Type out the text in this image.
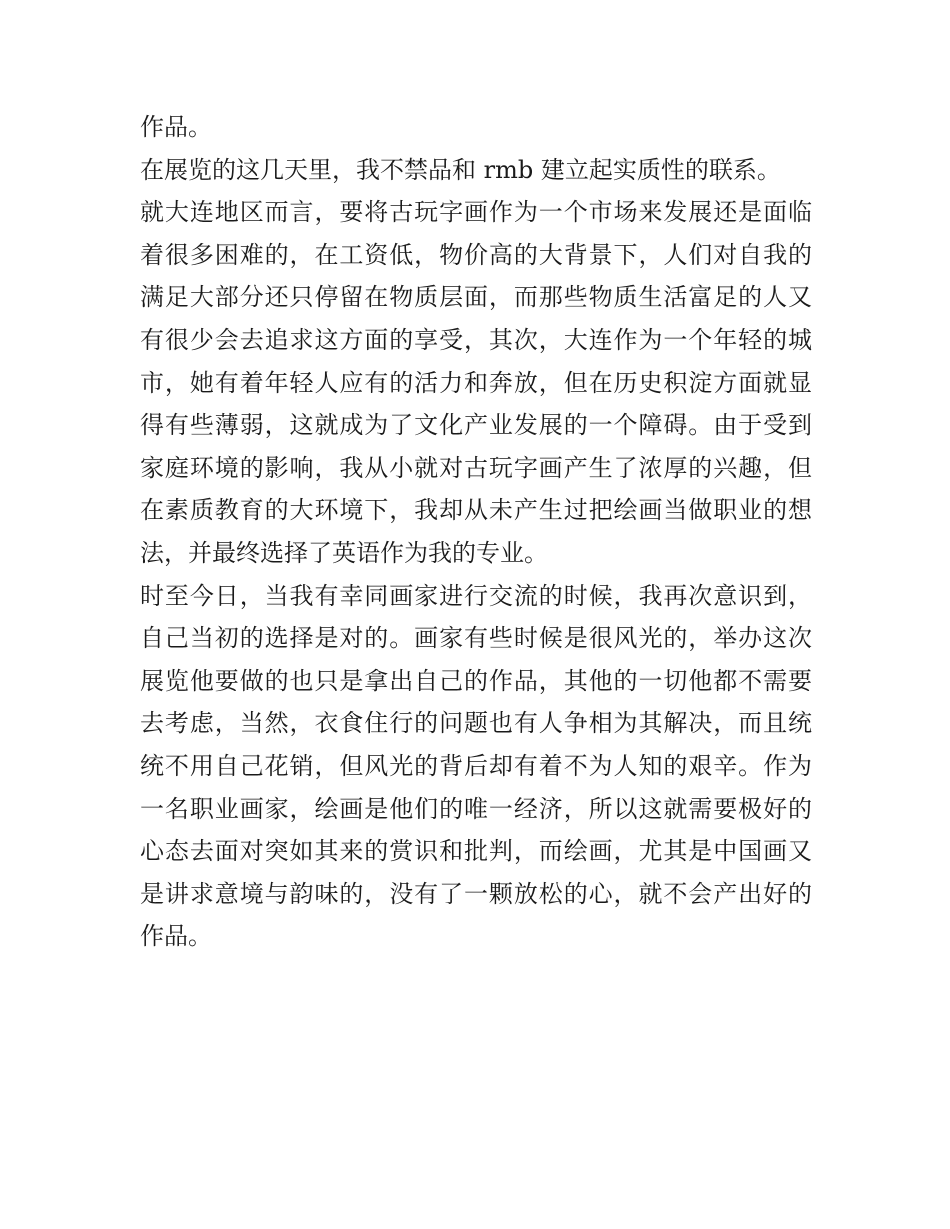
作品。
在展览的这几天里，我不禁品和 rmb 建立起实质性的联系。
就大连地区而言，要将古玩字画作为一个市场来发展还是面临
着很多困难的，在工资低，物价高的大背景下，人们对自我的
满足大部分还只停留在物质层面，而那些物质生活富足的人又
有很少会去追求这方面的享受，其次，大连作为一个年轻的城
市，她有着年轻人应有的活力和奔放，但在历史积淀方面就显
得有些薄弱，这就成为了文化产业发展的一个障碍。由于受到
家庭环境的影响，我从小就对古玩字画产生了浓厚的兴趣，但
在素质教育的大环境下，我却从未产生过把绘画当做职业的想
法，并最终选择了英语作为我的专业。
时至今日，当我有幸同画家进行交流的时候，我再次意识到，
自己当初的选择是对的。画家有些时候是很风光的，举办这次
展览他要做的也只是拿出自己的作品，其他的一切他都不需要
去考虑，当然，衣食住行的问题也有人争相为其解决，而且统
统不用自己花销，但风光的背后却有着不为人知的艰辛。作为
一名职业画家，绘画是他们的唯一经济，所以这就需要极好的
心态去面对突如其来的赏识和批判，而绘画，尤其是中国画又
是讲求意境与韵味的，没有了一颗放松的心，就不会产出好的
作品。
